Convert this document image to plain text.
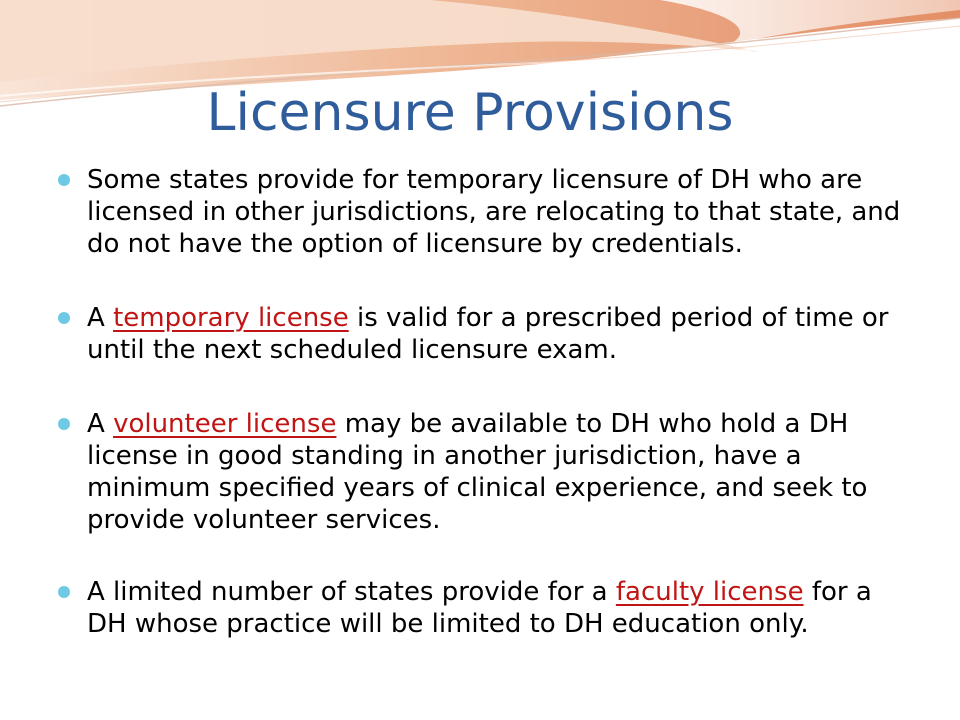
Licensure Provisions
Some states provide for temporary licensure of DH who are licensed in other jurisdictions, are relocating to that state, and do not have the option of licensure by credentials.
A temporary license is valid for a prescribed period of time or until the next scheduled licensure exam.
A volunteer license may be available to DH who hold a DH license in good standing in another jurisdiction, have a minimum specified years of clinical experience, and seek to provide volunteer services.
A limited number of states provide for a faculty license for a DH whose practice will be limited to DH education only.
